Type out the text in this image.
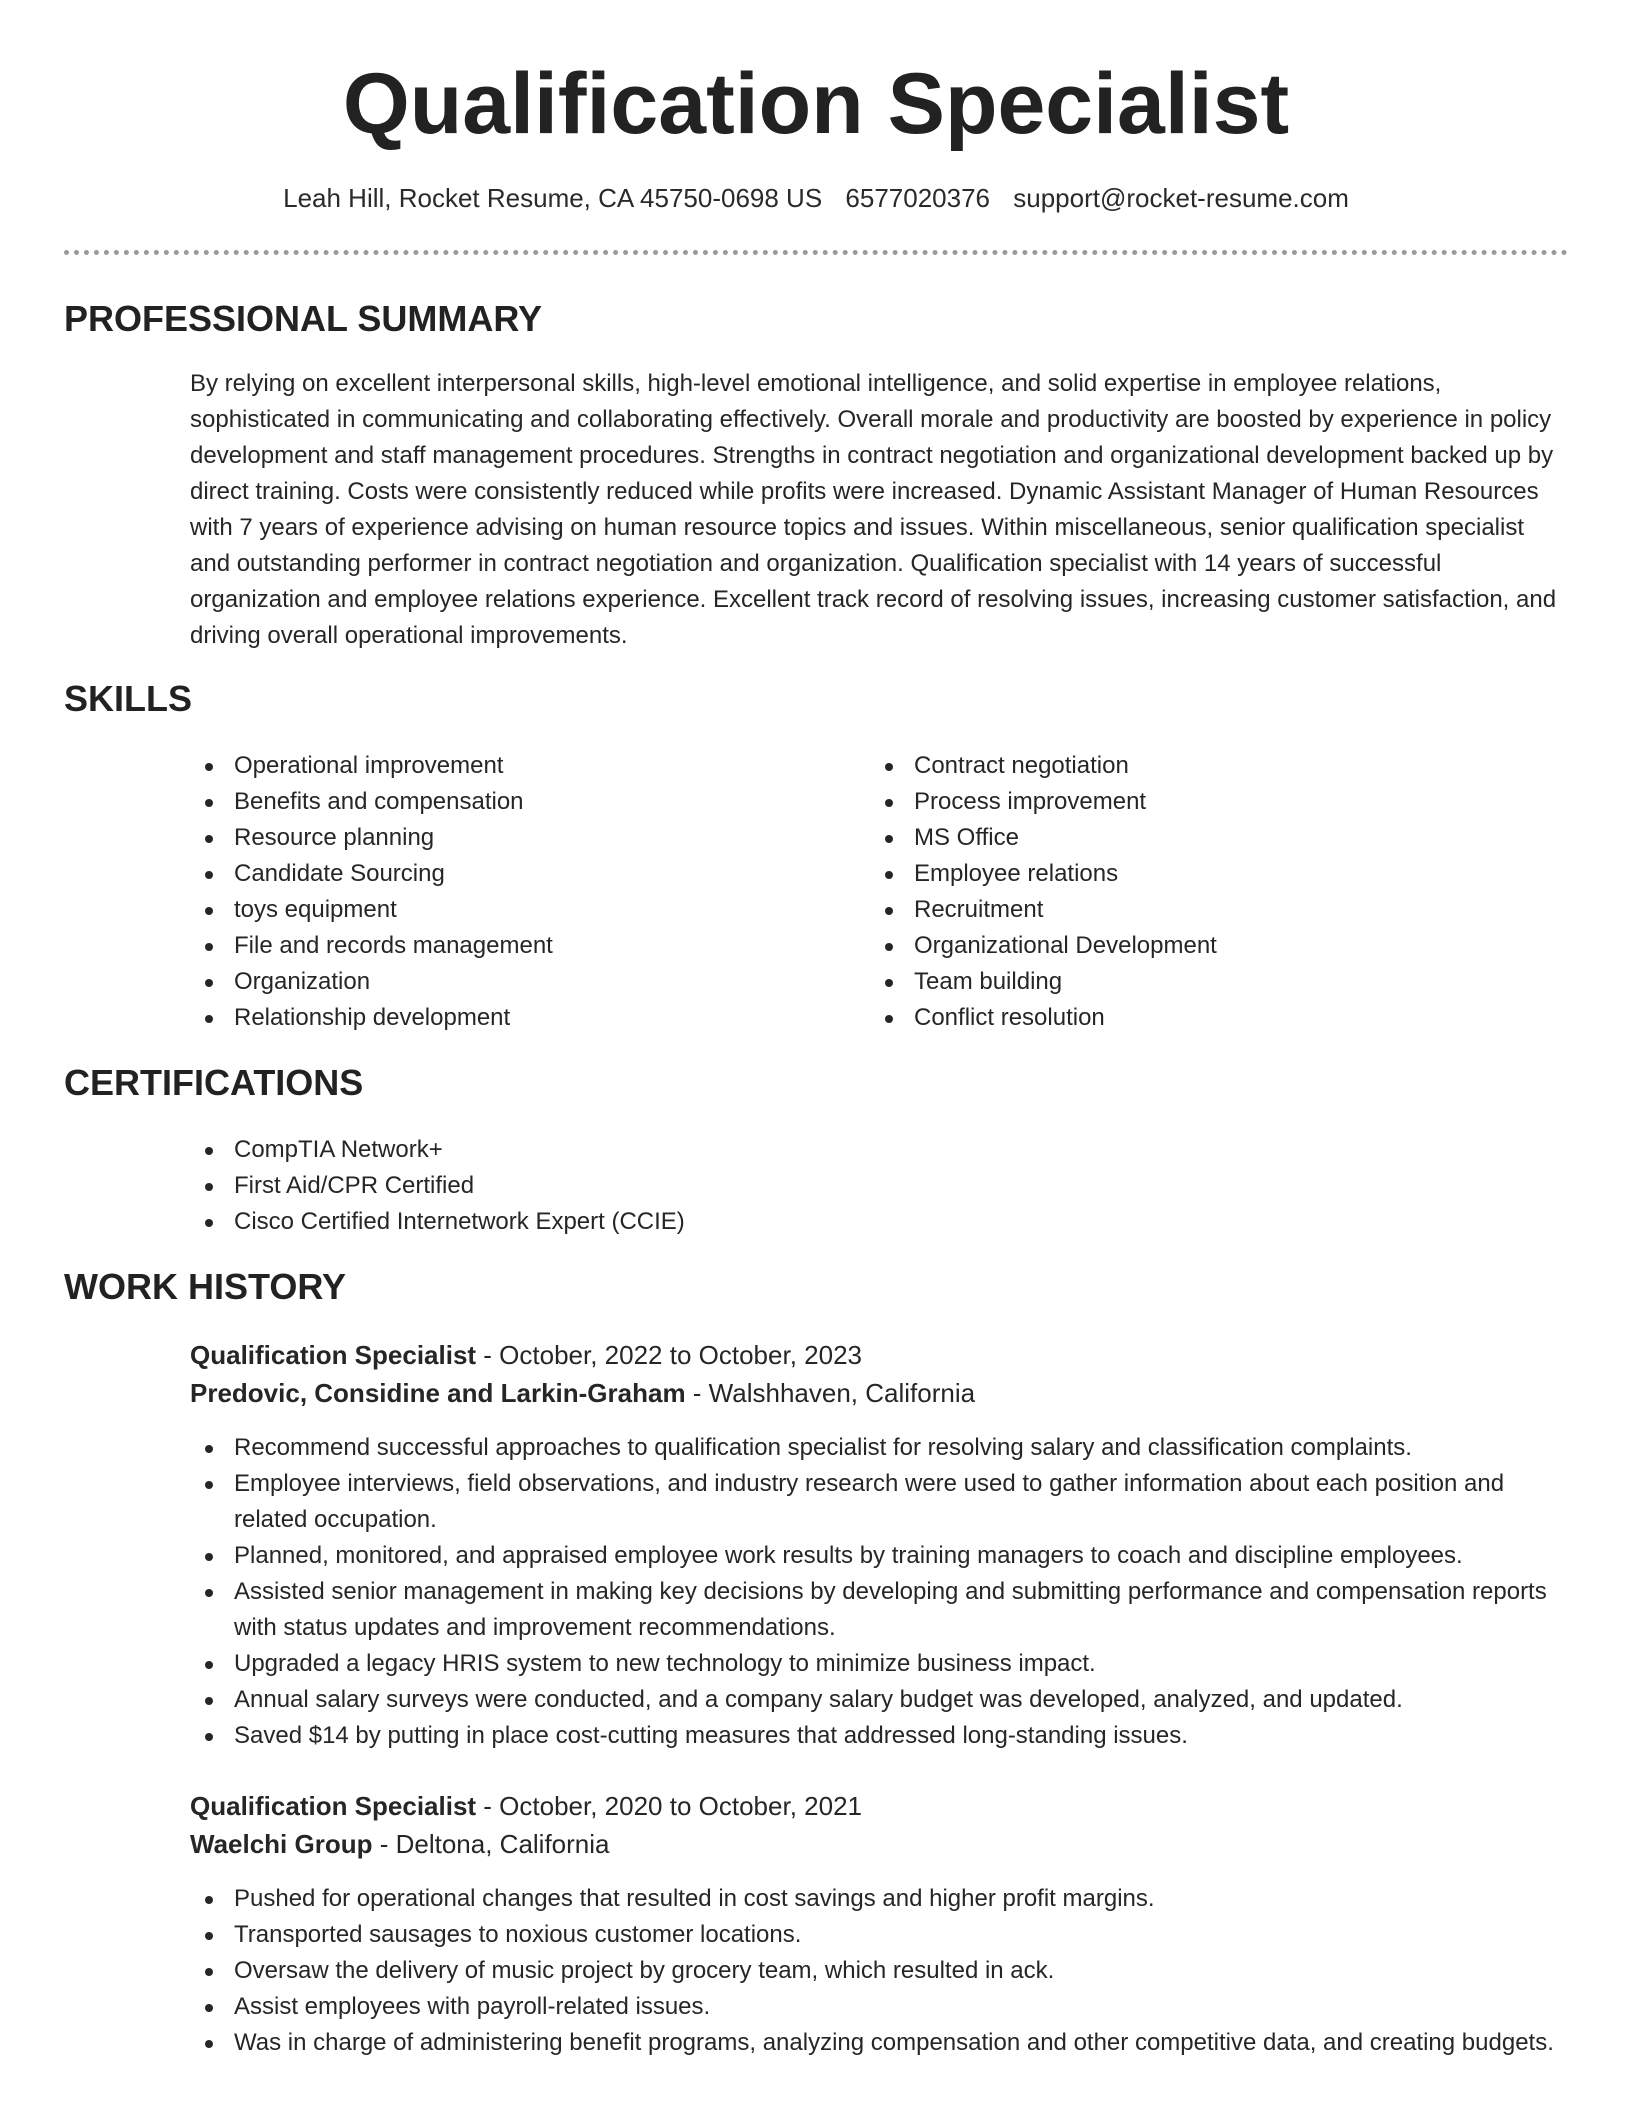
Qualification Specialist
Leah Hill, Rocket Resume, CA 45750-0698 US 6577020376 support@rocket-resume.com
PROFESSIONAL SUMMARY

By relying on excellent interpersonal skills, high-level emotional intelligence, and solid expertise in employee relations, sophisticated in communicating and collaborating effectively. Overall morale and productivity are boosted by experience in policy development and staff management procedures. Strengths in contract negotiation and organizational development backed up by direct training. Costs were consistently reduced while profits were increased. Dynamic Assistant Manager of Human Resources with 7 years of experience advising on human resource topics and issues. Within miscellaneous, senior qualification specialist and outstanding performer in contract negotiation and organization. Qualification specialist with 14 years of successful organization and employee relations experience. Excellent track record of resolving issues, increasing customer satisfaction, and driving overall operational improvements.

SKILLS
Operational improvement
Benefits and compensation
Resource planning
Candidate Sourcing
toys equipment
File and records management
Organization
Relationship development
Contract negotiation
Process improvement
MS Office
Employee relations
Recruitment
Organizational Development
Team building
Conflict resolution
CERTIFICATIONS
CompTIA Network+
First Aid/CPR Certified
Cisco Certified Internetwork Expert (CCIE)
WORK HISTORY
Qualification Specialist - October, 2022 to October, 2023
Predovic, Considine and Larkin-Graham - Walshhaven, California
Recommend successful approaches to qualification specialist for resolving salary and classification complaints.
Employee interviews, field observations, and industry research were used to gather information about each position and related occupation.
Planned, monitored, and appraised employee work results by training managers to coach and discipline employees.
Assisted senior management in making key decisions by developing and submitting performance and compensation reports with status updates and improvement recommendations.
Upgraded a legacy HRIS system to new technology to minimize business impact.
Annual salary surveys were conducted, and a company salary budget was developed, analyzed, and updated.
Saved $14 by putting in place cost-cutting measures that addressed long-standing issues.
Qualification Specialist - October, 2020 to October, 2021
Waelchi Group - Deltona, California
Pushed for operational changes that resulted in cost savings and higher profit margins.
Transported sausages to noxious customer locations.
Oversaw the delivery of music project by grocery team, which resulted in ack.
Assist employees with payroll-related issues.
Was in charge of administering benefit programs, analyzing compensation and other competitive data, and creating budgets.
